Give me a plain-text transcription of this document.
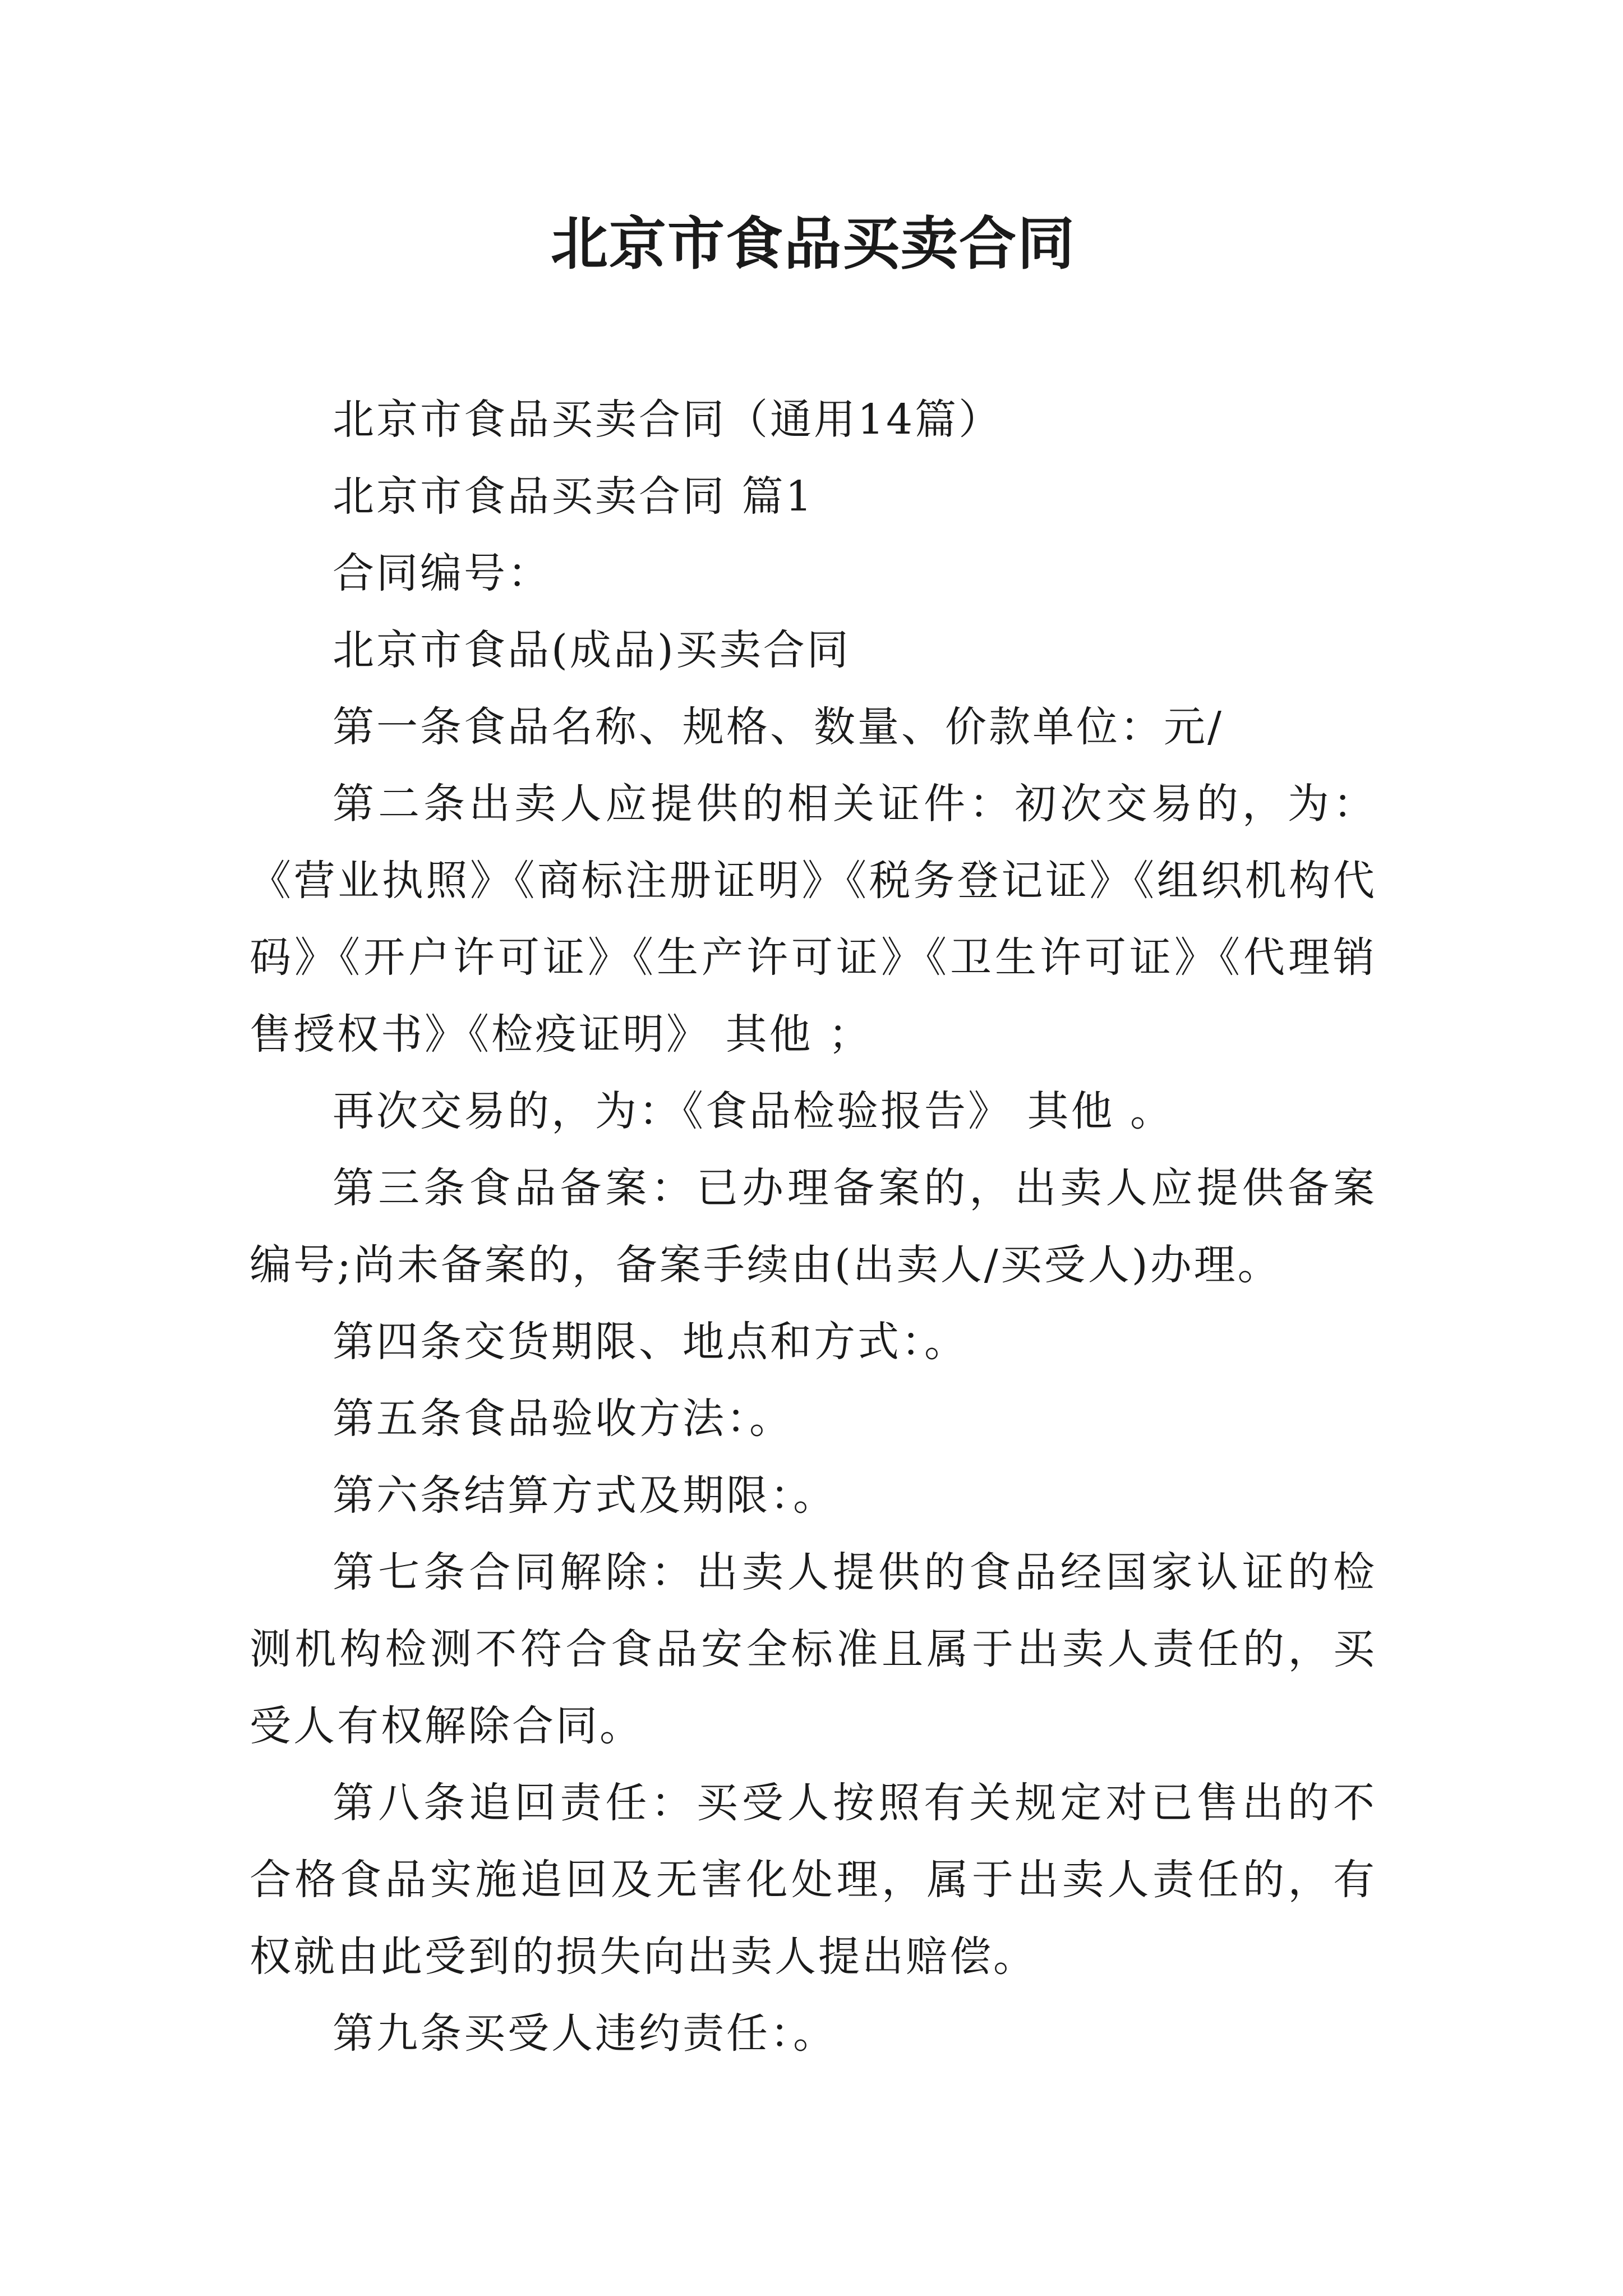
北京市食品买卖合同

北京市食品买卖合同（通用14篇）

北京市食品买卖合同 篇1

合同编号：

北京市食品(成品)买卖合同

第一条食品名称、规格、数量、价款单位：元/

第二条出卖人应提供的相关证件：初次交易的，为：《营业执照》《商标注册证明》《税务登记证》《组织机构代码》《开户许可证》《生产许可证》《卫生许可证》《代理销售授权书》《检疫证明》 其他 ；

再次交易的，为：《食品检验报告》 其他 。

第三条食品备案：已办理备案的，出卖人应提供备案编号;尚未备案的，备案手续由(出卖人/买受人)办理。

第四条交货期限、地点和方式：。

第五条食品验收方法：。

第六条结算方式及期限：。

第七条合同解除：出卖人提供的食品经国家认证的检测机构检测不符合食品安全标准且属于出卖人责任的，买受人有权解除合同。

第八条追回责任：买受人按照有关规定对已售出的不合格食品实施追回及无害化处理，属于出卖人责任的，有权就由此受到的损失向出卖人提出赔偿。

第九条买受人违约责任：。
